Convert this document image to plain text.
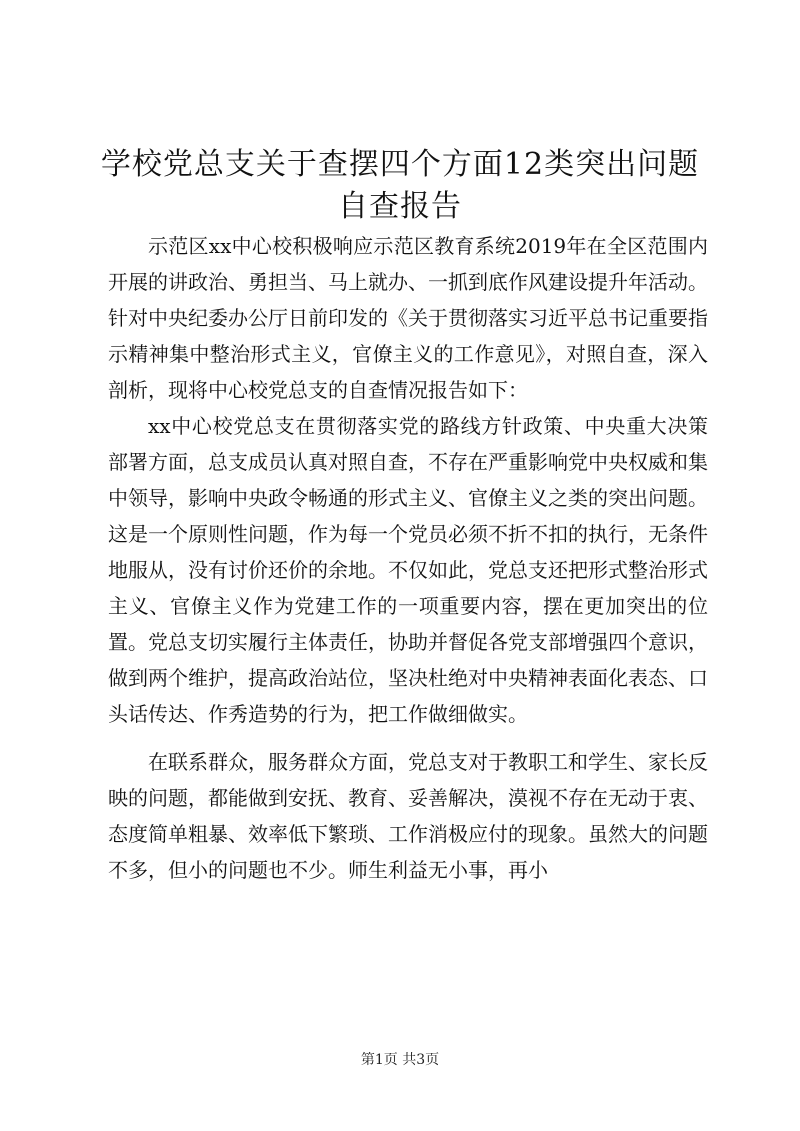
学校党总支关于查摆四个方面12类突出问题
自查报告

示范区xx中心校积极响应示范区教育系统2019年在全区范围内开展的讲政治、勇担当、马上就办、一抓到底作风建设提升年活动。针对中央纪委办公厅日前印发的《关于贯彻落实习近平总书记重要指示精神集中整治形式主义，官僚主义的工作意见》，对照自查，深入剖析，现将中心校党总支的自查情况报告如下：

xx中心校党总支在贯彻落实党的路线方针政策、中央重大决策部署方面，总支成员认真对照自查，不存在严重影响党中央权威和集中领导，影响中央政令畅通的形式主义、官僚主义之类的突出问题。这是一个原则性问题，作为每一个党员必须不折不扣的执行，无条件地服从，没有讨价还价的余地。不仅如此，党总支还把形式整治形式主义、官僚主义作为党建工作的一项重要内容，摆在更加突出的位置。党总支切实履行主体责任，协助并督促各党支部增强四个意识，做到两个维护，提高政治站位，坚决杜绝对中央精神表面化表态、口头话传达、作秀造势的行为，把工作做细做实。

在联系群众，服务群众方面，党总支对于教职工和学生、家长反映的问题，都能做到安抚、教育、妥善解决，漠视不存在无动于衷、态度简单粗暴、效率低下繁琐、工作消极应付的现象。虽然大的问题不多，但小的问题也不少。师生利益无小事，再小

第1页 共3页
